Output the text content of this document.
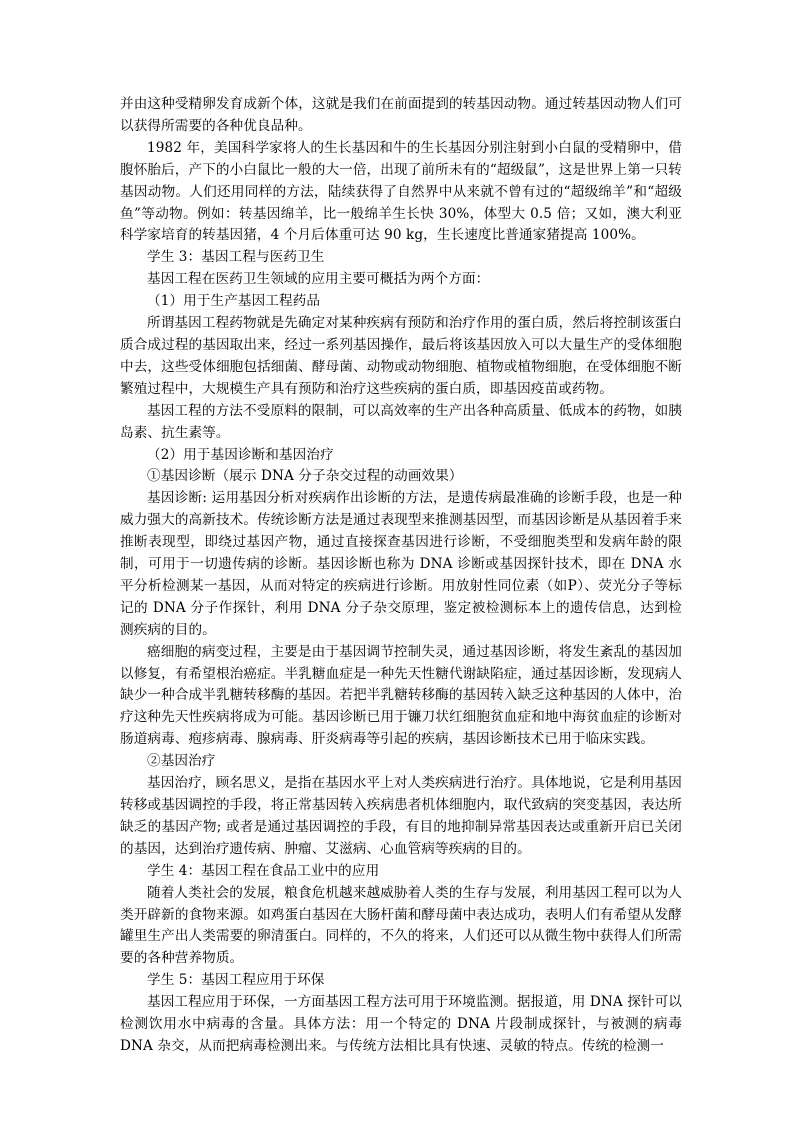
并由这种受精卵发育成新个体，这就是我们在前面提到的转基因动物。通过转基因动物人们可以获得所需要的各种优良品种。

1982 年，美国科学家将人的生长基因和牛的生长基因分别注射到小白鼠的受精卵中，借腹怀胎后，产下的小白鼠比一般的大一倍，出现了前所未有的“超级鼠”，这是世界上第一只转基因动物。人们还用同样的方法，陆续获得了自然界中从来就不曾有过的“超级绵羊”和“超级鱼”等动物。例如：转基因绵羊，比一般绵羊生长快 30%，体型大 0.5 倍；又如，澳大利亚科学家培育的转基因猪，4 个月后体重可达 90 kg，生长速度比普通家猪提高 100%。

学生 3：基因工程与医药卫生

基因工程在医药卫生领域的应用主要可概括为两个方面：

（1）用于生产基因工程药品

所谓基因工程药物就是先确定对某种疾病有预防和治疗作用的蛋白质，然后将控制该蛋白质合成过程的基因取出来，经过一系列基因操作，最后将该基因放入可以大量生产的受体细胞中去，这些受体细胞包括细菌、酵母菌、动物或动物细胞、植物或植物细胞，在受体细胞不断繁殖过程中，大规模生产具有预防和治疗这些疾病的蛋白质，即基因疫苗或药物。

基因工程的方法不受原料的限制，可以高效率的生产出各种高质量、低成本的药物，如胰岛素、抗生素等。

（2）用于基因诊断和基因治疗

①基因诊断（展示 DNA 分子杂交过程的动画效果）

基因诊断: 运用基因分析对疾病作出诊断的方法，是遗传病最准确的诊断手段，也是一种威力强大的高新技术。传统诊断方法是通过表现型来推测基因型，而基因诊断是从基因着手来推断表现型，即绕过基因产物，通过直接探查基因进行诊断，不受细胞类型和发病年龄的限制，可用于一切遗传病的诊断。基因诊断也称为 DNA 诊断或基因探针技术，即在 DNA 水平分析检测某一基因，从而对特定的疾病进行诊断。用放射性同位素（如P）、荧光分子等标记的 DNA 分子作探针，利用 DNA 分子杂交原理，鉴定被检测标本上的遗传信息，达到检测疾病的目的。

癌细胞的病变过程，主要是由于基因调节控制失灵，通过基因诊断，将发生紊乱的基因加以修复，有希望根治癌症。半乳糖血症是一种先天性糖代谢缺陷症，通过基因诊断，发现病人缺少一种合成半乳糖转移酶的基因。若把半乳糖转移酶的基因转入缺乏这种基因的人体中，治疗这种先天性疾病将成为可能。基因诊断已用于镰刀状红细胞贫血症和地中海贫血症的诊断对肠道病毒、疱疹病毒、腺病毒、肝炎病毒等引起的疾病，基因诊断技术已用于临床实践。

②基因治疗

基因治疗，顾名思义，是指在基因水平上对人类疾病进行治疗。具体地说，它是利用基因转移或基因调控的手段，将正常基因转入疾病患者机体细胞内，取代致病的突变基因，表达所缺乏的基因产物; 或者是通过基因调控的手段，有目的地抑制异常基因表达或重新开启已关闭的基因，达到治疗遗传病、肿瘤、艾滋病、心血管病等疾病的目的。

学生 4：基因工程在食品工业中的应用

随着人类社会的发展，粮食危机越来越威胁着人类的生存与发展，利用基因工程可以为人类开辟新的食物来源。如鸡蛋白基因在大肠杆菌和酵母菌中表达成功，表明人们有希望从发酵罐里生产出人类需要的卵清蛋白。同样的，不久的将来，人们还可以从微生物中获得人们所需要的各种营养物质。

学生 5：基因工程应用于环保

基因工程应用于环保，一方面基因工程方法可用于环境监测。据报道，用 DNA 探针可以检测饮用水中病毒的含量。具体方法：用一个特定的 DNA 片段制成探针，与被测的病毒 DNA 杂交，从而把病毒检测出来。与传统方法相比具有快速、灵敏的特点。传统的检测一
